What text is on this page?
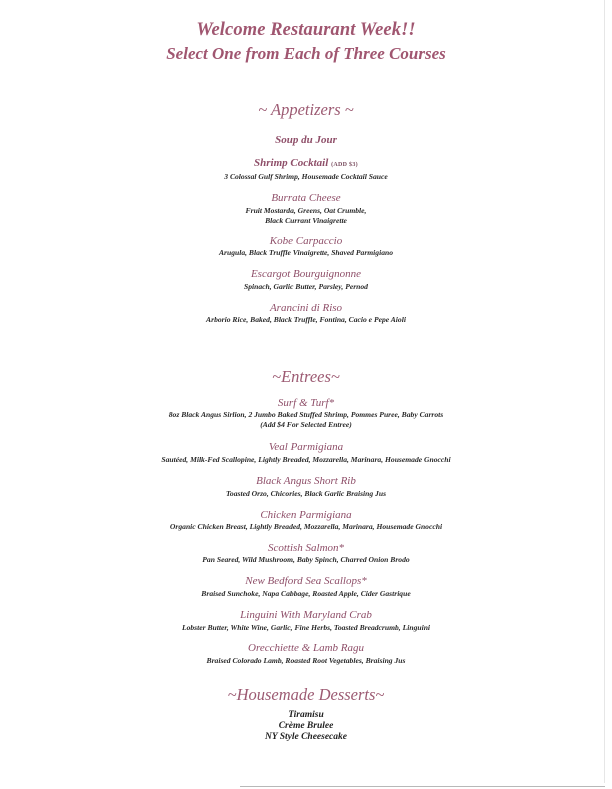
Welcome Restaurant Week!!
Select One from Each of Three Courses
~ Appetizers ~
Soup du Jour
Shrimp Cocktail (ADD $3)
3 Colossal Gulf Shrimp, Housemade Cocktail Sauce
Burrata Cheese
Fruit Mostarda, Greens, Oat Crumble,
Black Currant Vinaigrette
Kobe Carpaccio
Arugula, Black Truffle Vinaigrette, Shaved Parmigiano
Escargot Bourguignonne
Spinach, Garlic Butter, Parsley, Pernod
Arancini di Riso
Arborio Rice, Baked, Black Truffle, Fontina, Cacio e Pepe Aioli
~Entrees~
Surf & Turf*
8oz Black Angus Sirlion, 2 Jumbo Baked Stuffed Shrimp, Pommes Puree, Baby Carrots
(Add $4 For Selected Entree)
Veal Parmigiana
Sautéed, Milk-Fed Scallopine, Lightly Breaded, Mozzarella, Marinara, Housemade Gnocchi
Black Angus Short Rib
Toasted Orzo, Chicories, Black Garlic Braising Jus
Chicken Parmigiana
Organic Chicken Breast, Lightly Breaded, Mozzarella, Marinara, Housemade Gnocchi
Scottish Salmon*
Pan Seared, Wild Mushroom, Baby Spinch, Charred Onion Brodo
New Bedford Sea Scallops*
Braised Sunchoke, Napa Cabbage, Roasted Apple, Cider Gastrique
Linguini With Maryland Crab
Lobster Butter, White Wine, Garlic, Fine Herbs, Toasted Breadcrumb, Linguini
Orecchiette & Lamb Ragu
Braised Colorado Lamb, Roasted Root Vegetables, Braising Jus
~Housemade Desserts~
Tiramisu
Crème Brulee
NY Style Cheesecake
